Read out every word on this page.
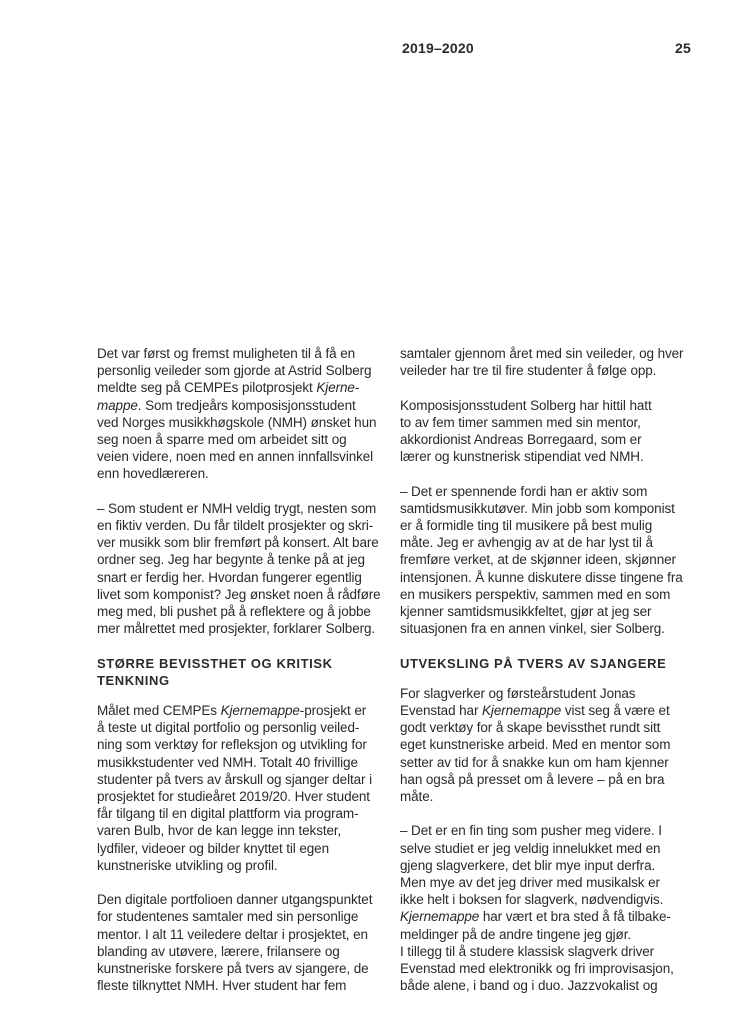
2019–2020	25

Det var først og fremst muligheten til å få en
personlig veileder som gjorde at Astrid Solberg
meldte seg på CEMPEs pilotprosjekt Kjerne-
mappe. Som tredjeårs komposisjonsstudent
ved Norges musikkhøgskole (NMH) ønsket hun
seg noen å sparre med om arbeidet sitt og
veien videre, noen med en annen innfallsvinkel
enn hovedlæreren.

– Som student er NMH veldig trygt, nesten som
en fiktiv verden. Du får tildelt prosjekter og skri-
ver musikk som blir fremført på konsert. Alt bare
ordner seg. Jeg har begynte å tenke på at jeg
snart er ferdig her. Hvordan fungerer egentlig
livet som komponist? Jeg ønsket noen å rådføre
meg med, bli pushet på å reflektere og å jobbe
mer målrettet med prosjekter, forklarer Solberg.

STØRRE BEVISSTHET OG KRITISK
TENKNING

Målet med CEMPEs Kjernemappe-prosjekt er
å teste ut digital portfolio og personlig veiled-
ning som verktøy for refleksjon og utvikling for
musikkstudenter ved NMH. Totalt 40 frivillige
studenter på tvers av årskull og sjanger deltar i
prosjektet for studieåret 2019/20. Hver student
får tilgang til en digital plattform via program-
varen Bulb, hvor de kan legge inn tekster,
lydfiler, videoer og bilder knyttet til egen
kunstneriske utvikling og profil.

Den digitale portfolioen danner utgangspunktet
for studentenes samtaler med sin personlige
mentor. I alt 11 veiledere deltar i prosjektet, en
blanding av utøvere, lærere, frilansere og
kunstneriske forskere på tvers av sjangere, de
fleste tilknyttet NMH. Hver student har fem

samtaler gjennom året med sin veileder, og hver
veileder har tre til fire studenter å følge opp.

Komposisjonsstudent Solberg har hittil hatt
to av fem timer sammen med sin mentor,
akkordionist Andreas Borregaard, som er
lærer og kunstnerisk stipendiat ved NMH.

– Det er spennende fordi han er aktiv som
samtidsmusikkutøver. Min jobb som komponist
er å formidle ting til musikere på best mulig
måte. Jeg er avhengig av at de har lyst til å
fremføre verket, at de skjønner ideen, skjønner
intensjonen. Å kunne diskutere disse tingene fra
en musikers perspektiv, sammen med en som
kjenner samtidsmusikkfeltet, gjør at jeg ser
situasjonen fra en annen vinkel, sier Solberg.

UTVEKSLING PÅ TVERS AV SJANGERE

For slagverker og førsteårstudent Jonas
Evenstad har Kjernemappe vist seg å være et
godt verktøy for å skape bevissthet rundt sitt
eget kunstneriske arbeid. Med en mentor som
setter av tid for å snakke kun om ham kjenner
han også på presset om å levere – på en bra
måte.

– Det er en fin ting som pusher meg videre. I
selve studiet er jeg veldig innelukket med en
gjeng slagverkere, det blir mye input derfra.
Men mye av det jeg driver med musikalsk er
ikke helt i boksen for slagverk, nødvendigvis.
Kjernemappe har vært et bra sted å få tilbake-
meldinger på de andre tingene jeg gjør.
I tillegg til å studere klassisk slagverk driver
Evenstad med elektronikk og fri improvisasjon,
både alene, i band og i duo. Jazzvokalist og
